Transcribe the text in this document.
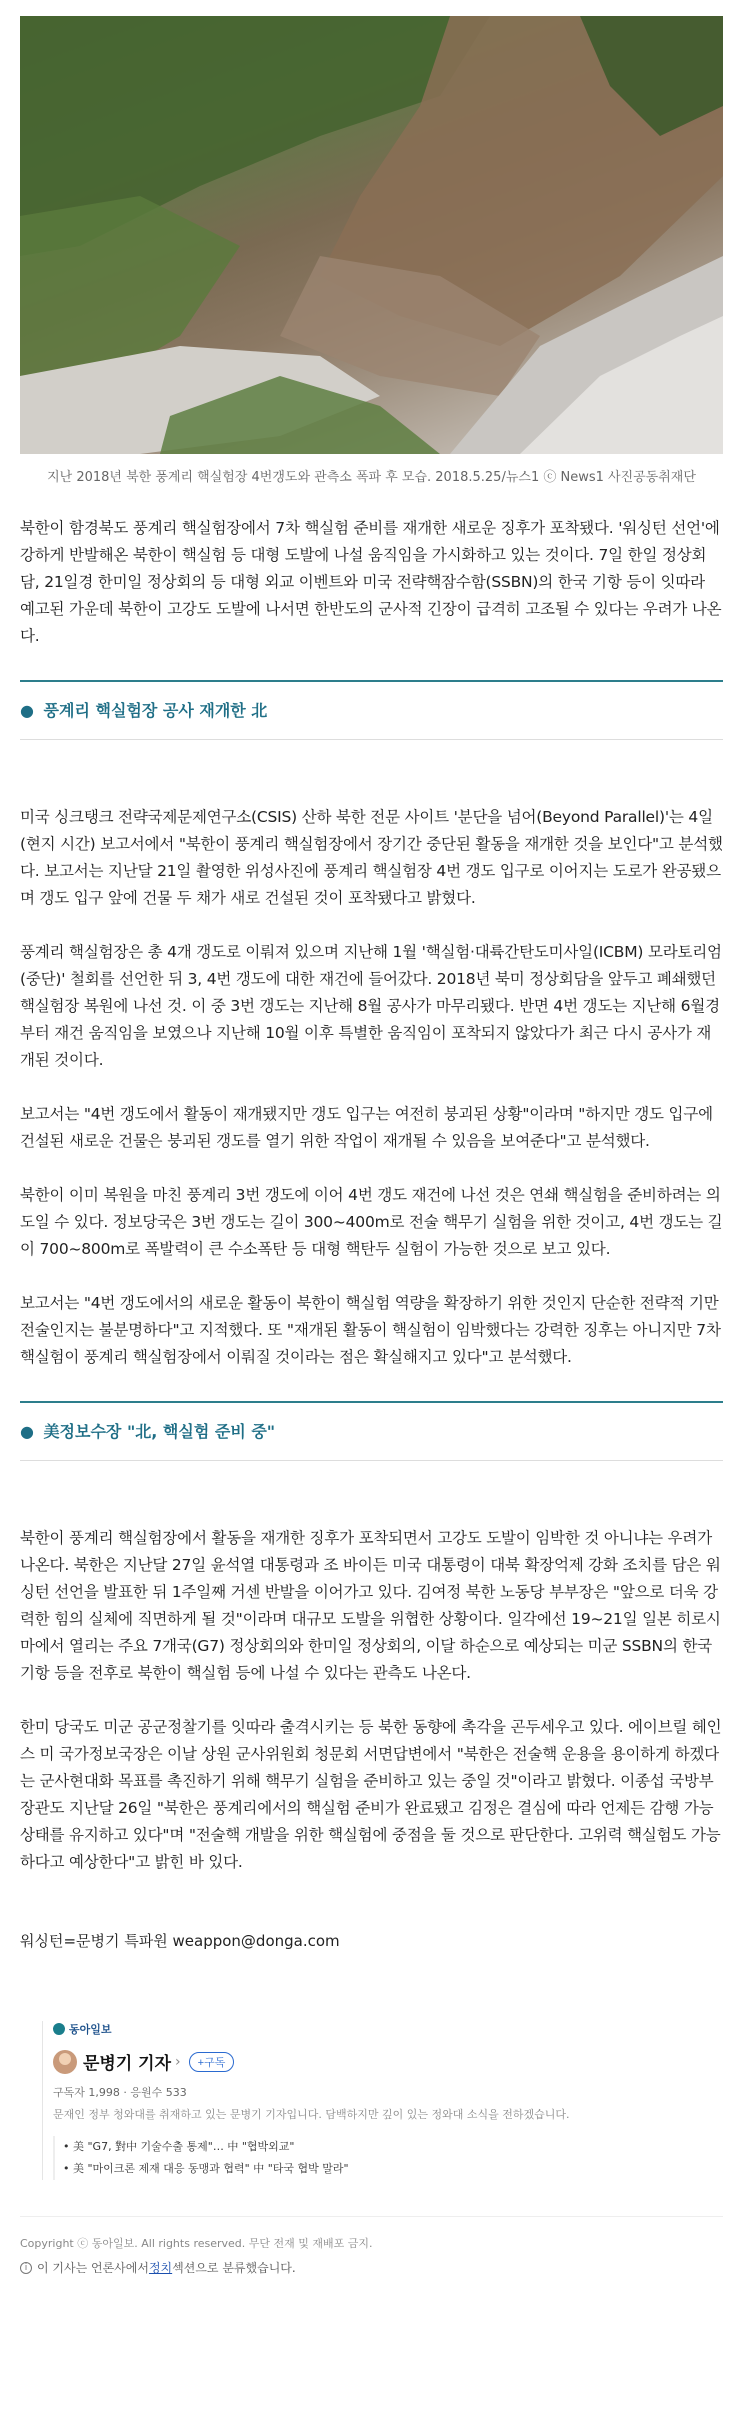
지난 2018년 북한 풍계리 핵실험장 4번갱도와 관측소 폭파 후 모습. 2018.5.25/뉴스1 ⓒ News1 사진공동취재단

북한이 함경북도 풍계리 핵실험장에서 7차 핵실험 준비를 재개한 새로운 징후가 포착됐다. '워싱턴 선언'에 강하게 반발해온 북한이 핵실험 등 대형 도발에 나설 움직임을 가시화하고 있는 것이다. 7일 한일 정상회담, 21일경 한미일 정상회의 등 대형 외교 이벤트와 미국 전략핵잠수함(SSBN)의 한국 기항 등이 잇따라 예고된 가운데 북한이 고강도 도발에 나서면 한반도의 군사적 긴장이 급격히 고조될 수 있다는 우려가 나온다.

● 풍계리 핵실험장 공사 재개한 北

미국 싱크탱크 전략국제문제연구소(CSIS) 산하 북한 전문 사이트 '분단을 넘어(Beyond Parallel)'는 4일(현지 시간) 보고서에서 "북한이 풍계리 핵실험장에서 장기간 중단된 활동을 재개한 것을 보인다"고 분석했다. 보고서는 지난달 21일 촬영한 위성사진에 풍계리 핵실험장 4번 갱도 입구로 이어지는 도로가 완공됐으며 갱도 입구 앞에 건물 두 채가 새로 건설된 것이 포착됐다고 밝혔다.

풍계리 핵실험장은 총 4개 갱도로 이뤄져 있으며 지난해 1월 '핵실험·대륙간탄도미사일(ICBM) 모라토리엄(중단)' 철회를 선언한 뒤 3, 4번 갱도에 대한 재건에 들어갔다. 2018년 북미 정상회담을 앞두고 폐쇄했던 핵실험장 복원에 나선 것. 이 중 3번 갱도는 지난해 8월 공사가 마무리됐다. 반면 4번 갱도는 지난해 6월경부터 재건 움직임을 보였으나 지난해 10월 이후 특별한 움직임이 포착되지 않았다가 최근 다시 공사가 재개된 것이다.

보고서는 "4번 갱도에서 활동이 재개됐지만 갱도 입구는 여전히 붕괴된 상황"이라며 "하지만 갱도 입구에 건설된 새로운 건물은 붕괴된 갱도를 열기 위한 작업이 재개될 수 있음을 보여준다"고 분석했다.

북한이 이미 복원을 마친 풍계리 3번 갱도에 이어 4번 갱도 재건에 나선 것은 연쇄 핵실험을 준비하려는 의도일 수 있다. 정보당국은 3번 갱도는 길이 300~400m로 전술 핵무기 실험을 위한 것이고, 4번 갱도는 길이 700~800m로 폭발력이 큰 수소폭탄 등 대형 핵탄두 실험이 가능한 것으로 보고 있다.

보고서는 "4번 갱도에서의 새로운 활동이 북한이 핵실험 역량을 확장하기 위한 것인지 단순한 전략적 기만전술인지는 불분명하다"고 지적했다. 또 "재개된 활동이 핵실험이 임박했다는 강력한 징후는 아니지만 7차 핵실험이 풍계리 핵실험장에서 이뤄질 것이라는 점은 확실해지고 있다"고 분석했다.

● 美정보수장 "北, 핵실험 준비 중"

북한이 풍계리 핵실험장에서 활동을 재개한 징후가 포착되면서 고강도 도발이 임박한 것 아니냐는 우려가 나온다. 북한은 지난달 27일 윤석열 대통령과 조 바이든 미국 대통령이 대북 확장억제 강화 조치를 담은 워싱턴 선언을 발표한 뒤 1주일째 거센 반발을 이어가고 있다. 김여정 북한 노동당 부부장은 "앞으로 더욱 강력한 힘의 실체에 직면하게 될 것"이라며 대규모 도발을 위협한 상황이다. 일각에선 19~21일 일본 히로시마에서 열리는 주요 7개국(G7) 정상회의와 한미일 정상회의, 이달 하순으로 예상되는 미군 SSBN의 한국 기항 등을 전후로 북한이 핵실험 등에 나설 수 있다는 관측도 나온다.

한미 당국도 미군 공군정찰기를 잇따라 출격시키는 등 북한 동향에 촉각을 곤두세우고 있다. 에이브릴 헤인스 미 국가정보국장은 이날 상원 군사위원회 청문회 서면답변에서 "북한은 전술핵 운용을 용이하게 하겠다는 군사현대화 목표를 촉진하기 위해 핵무기 실험을 준비하고 있는 중일 것"이라고 밝혔다. 이종섭 국방부 장관도 지난달 26일 "북한은 풍계리에서의 핵실험 준비가 완료됐고 김정은 결심에 따라 언제든 감행 가능 상태를 유지하고 있다"며 "전술핵 개발을 위한 핵실험에 중점을 둘 것으로 판단한다. 고위력 핵실험도 가능하다고 예상한다"고 밝힌 바 있다.

워싱턴=문병기 특파원 weappon@donga.com

동아일보
문병기 기자 ›	+구독

구독자 1,998 · 응원수 533

문재인 정부 청와대를 취재하고 있는 문병기 기자입니다. 담백하지만 깊이 있는 정와대 소식을 전하겠습니다.

• 美 "G7, 對中 기술수출 통제"… 中 "협박외교"

• 美 "마이크론 제재 대응 동맹과 협력" 中 "타국 협박 말라"

Copyright ⓒ 동아일보. All rights reserved. 무단 전재 및 재배포 금지.

i 이 기사는 언론사에서 정치 섹션으로 분류했습니다.
